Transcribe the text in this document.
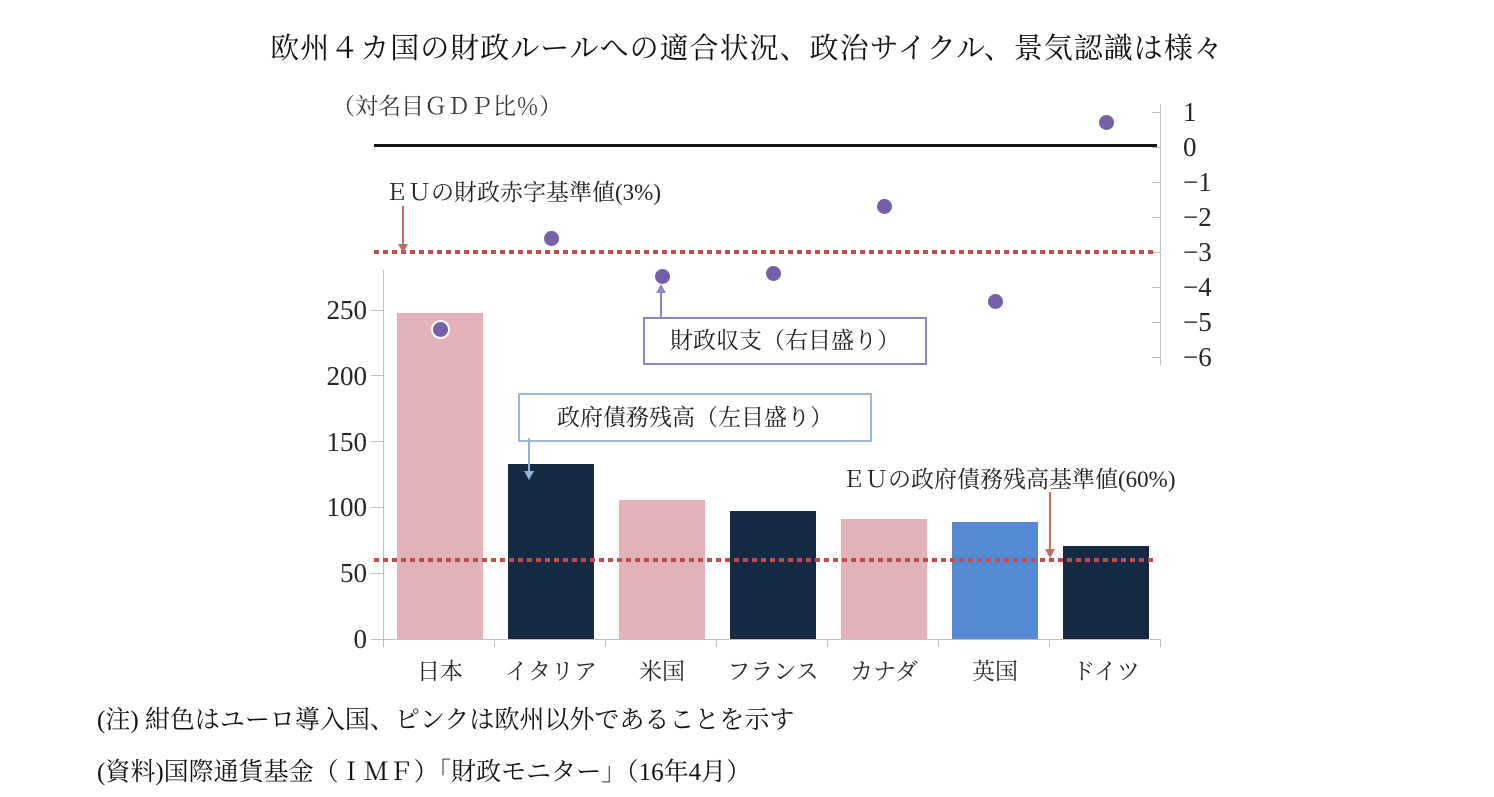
欧州４カ国の財政ルールへの適合状況、政治サイクル、景気認識は様々
（対名目ＧＤＰ比％）
日本	イタリア	米国	フランス	カナダ	英国	ドイツ
0
50
100
150
200
250
1
0
−1
−2
−3
−4
−5
−6
ＥＵの財政赤字基準値(3%)
ＥＵの政府債務残高基準値(60%)
財政収支（右目盛り）
政府債務残高（左目盛り）
(注) 紺色はユーロ導入国、ピンクは欧州以外であることを示す
(資料)国際通貨基金（ＩＭＦ）「財政モニター」（16年4月）
